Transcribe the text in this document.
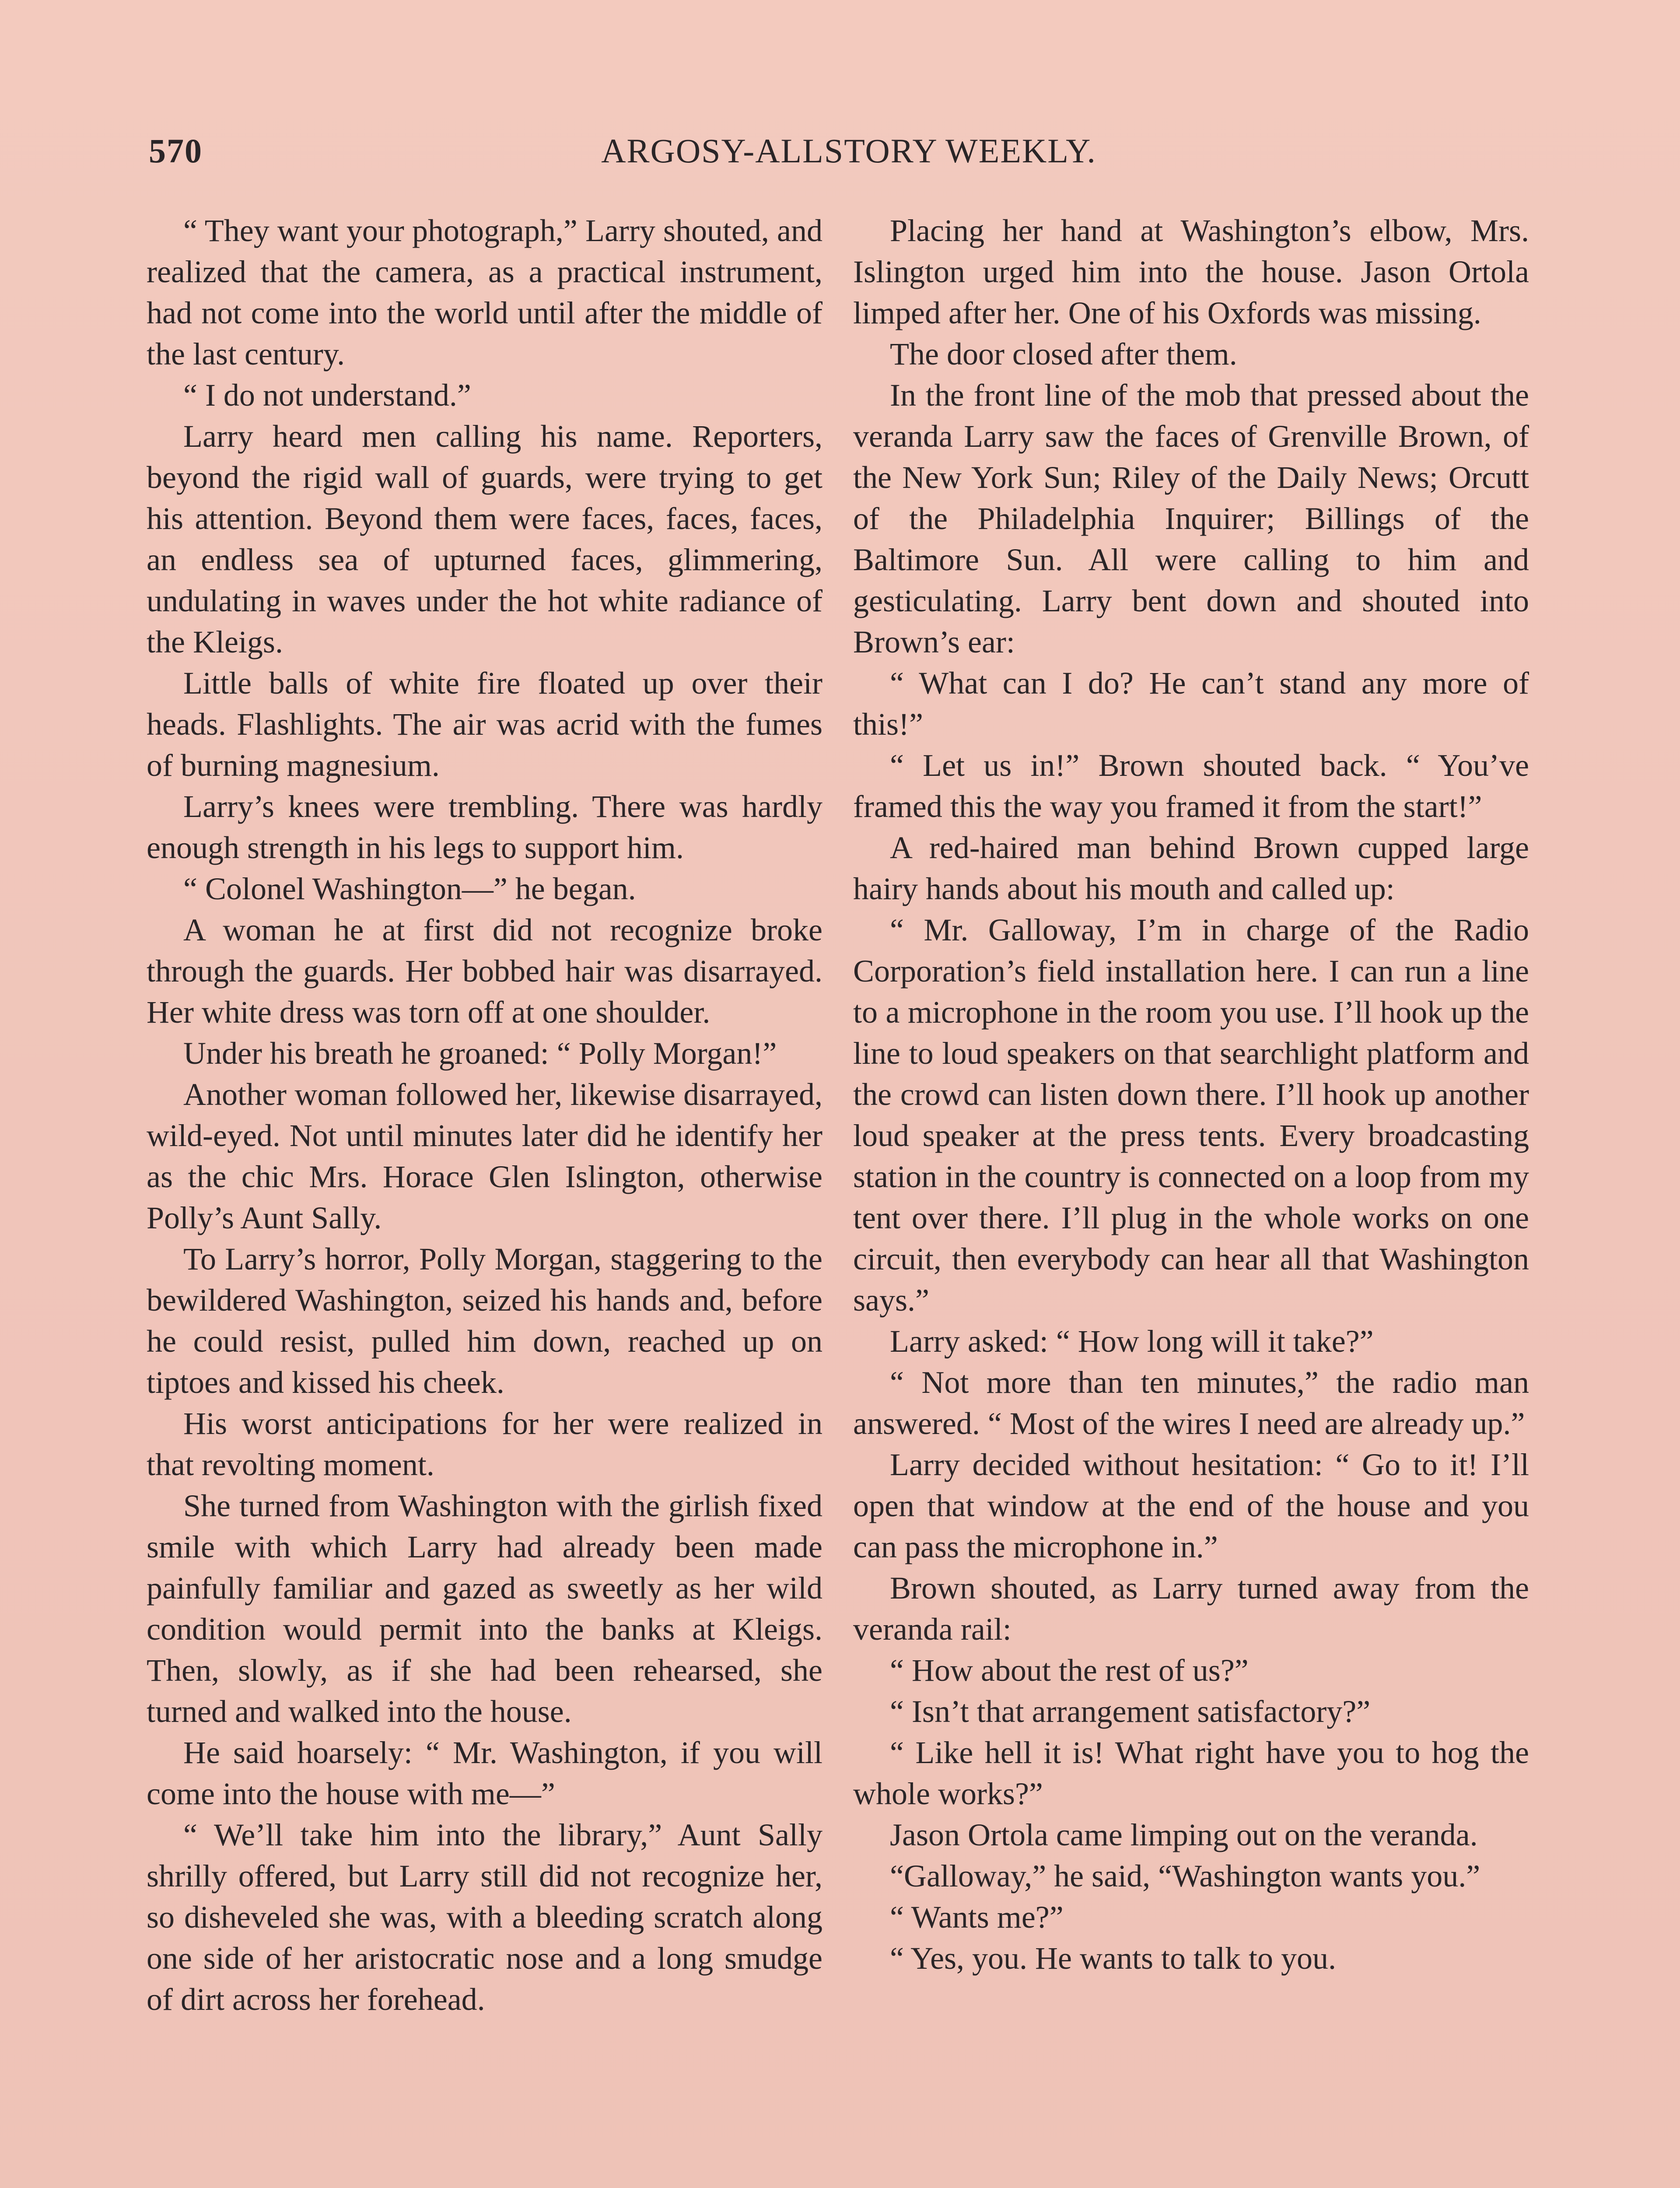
570	ARGOSY-ALLSTORY WEEKLY.

“ They want your photograph,” Larry shouted, and realized that the camera, as a practical instrument, had not come into the world until after the middle of the last century.

“ I do not understand.”

Larry heard men calling his name. Reporters, beyond the rigid wall of guards, were trying to get his attention. Beyond them were faces, faces, faces, an endless sea of upturned faces, glimmering, undulating in waves under the hot white radiance of the Kleigs.

Little balls of white fire floated up over their heads. Flashlights. The air was acrid with the fumes of burning magnesium.

Larry’s knees were trembling. There was hardly enough strength in his legs to support him.

“ Colonel Washington—” he began.

A woman he at first did not recognize broke through the guards. Her bobbed hair was disarrayed. Her white dress was torn off at one shoulder.

Under his breath he groaned: “ Polly Morgan!”

Another woman followed her, likewise disarrayed, wild-eyed. Not until minutes later did he identify her as the chic Mrs. Horace Glen Islington, otherwise Polly’s Aunt Sally.

To Larry’s horror, Polly Morgan, staggering to the bewildered Washington, seized his hands and, before he could resist, pulled him down, reached up on tiptoes and kissed his cheek.

His worst anticipations for her were realized in that revolting moment.

She turned from Washington with the girlish fixed smile with which Larry had already been made painfully familiar and gazed as sweetly as her wild condition would permit into the banks at Kleigs. Then, slowly, as if she had been rehearsed, she turned and walked into the house.

He said hoarsely: “ Mr. Washington, if you will come into the house with me—”

“ We’ll take him into the library,” Aunt Sally shrilly offered, but Larry still did not recognize her, so disheveled she was, with a bleeding scratch along one side of her aristocratic nose and a long smudge of dirt across her forehead.

Placing her hand at Washington’s elbow, Mrs. Islington urged him into the house. Jason Ortola limped after her. One of his Oxfords was missing.

The door closed after them.

In the front line of the mob that pressed about the veranda Larry saw the faces of Grenville Brown, of the New York Sun; Riley of the Daily News; Orcutt of the Philadelphia Inquirer; Billings of the Baltimore Sun. All were calling to him and gesticulating. Larry bent down and shouted into Brown’s ear:

“ What can I do? He can’t stand any more of this!”

“ Let us in!” Brown shouted back. “ You’ve framed this the way you framed it from the start!”

A red-haired man behind Brown cupped large hairy hands about his mouth and called up:

“ Mr. Galloway, I’m in charge of the Radio Corporation’s field installation here. I can run a line to a microphone in the room you use. I’ll hook up the line to loud speakers on that searchlight platform and the crowd can listen down there. I’ll hook up another loud speaker at the press tents. Every broadcasting station in the country is connected on a loop from my tent over there. I’ll plug in the whole works on one circuit, then everybody can hear all that Washington says.”

Larry asked: “ How long will it take?”

“ Not more than ten minutes,” the radio man answered. “ Most of the wires I need are already up.”

Larry decided without hesitation: “ Go to it! I’ll open that window at the end of the house and you can pass the microphone in.”

Brown shouted, as Larry turned away from the veranda rail:

“ How about the rest of us?”

“ Isn’t that arrangement satisfactory?”

“ Like hell it is! What right have you to hog the whole works?”

Jason Ortola came limping out on the veranda.

“Galloway,” he said, “Washington wants you.”

“ Wants me?”

“ Yes, you. He wants to talk to you.
